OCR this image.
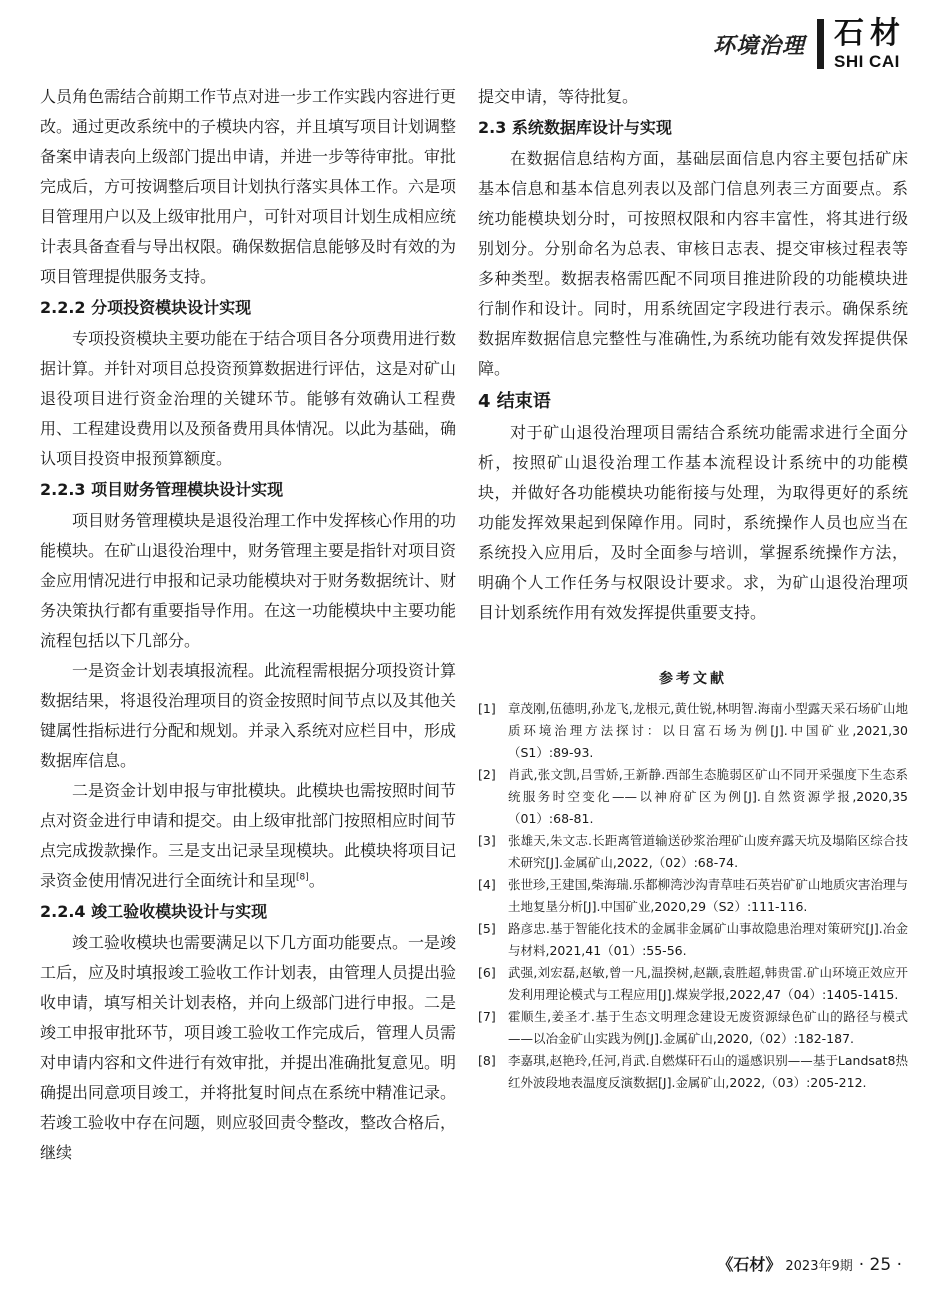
环境治理 石材
SHI CAI

人员角色需结合前期工作节点对进一步工作实践内容进行更改。通过更改系统中的子模块内容，并且填写项目计划调整备案申请表向上级部门提出申请，并进一步等待审批。审批完成后，方可按调整后项目计划执行落实具体工作。六是项目管理用户以及上级审批用户，可针对项目计划生成相应统计表具备查看与导出权限。确保数据信息能够及时有效的为项目管理提供服务支持。

2.2.2 分项投资模块设计实现

专项投资模块主要功能在于结合项目各分项费用进行数据计算。并针对项目总投资预算数据进行评估，这是对矿山退役项目进行资金治理的关键环节。能够有效确认工程费用、工程建设费用以及预备费用具体情况。以此为基础，确认项目投资申报预算额度。

2.2.3 项目财务管理模块设计实现

项目财务管理模块是退役治理工作中发挥核心作用的功能模块。在矿山退役治理中，财务管理主要是指针对项目资金应用情况进行申报和记录功能模块对于财务数据统计、财务决策执行都有重要指导作用。在这一功能模块中主要功能流程包括以下几部分。

一是资金计划表填报流程。此流程需根据分项投资计算数据结果，将退役治理项目的资金按照时间节点以及其他关键属性指标进行分配和规划。并录入系统对应栏目中，形成数据库信息。

二是资金计划申报与审批模块。此模块也需按照时间节点对资金进行申请和提交。由上级审批部门按照相应时间节点完成拨款操作。三是支出记录呈现模块。此模块将项目记录资金使用情况进行全面统计和呈现[8]。

2.2.4 竣工验收模块设计与实现

竣工验收模块也需要满足以下几方面功能要点。一是竣工后，应及时填报竣工验收工作计划表，由管理人员提出验收申请，填写相关计划表格，并向上级部门进行申报。二是竣工申报审批环节，项目竣工验收工作完成后，管理人员需对申请内容和文件进行有效审批，并提出准确批复意见。明确提出同意项目竣工，并将批复时间点在系统中精准记录。若竣工验收中存在问题，则应驳回责令整改，整改合格后，继续

提交申请，等待批复。

2.3 系统数据库设计与实现

在数据信息结构方面，基础层面信息内容主要包括矿床基本信息和基本信息列表以及部门信息列表三方面要点。系统功能模块划分时，可按照权限和内容丰富性，将其进行级别划分。分别命名为总表、审核日志表、提交审核过程表等多种类型。数据表格需匹配不同项目推进阶段的功能模块进行制作和设计。同时，用系统固定字段进行表示。确保系统数据库数据信息完整性与准确性,为系统功能有效发挥提供保障。

4 结束语

对于矿山退役治理项目需结合系统功能需求进行全面分析，按照矿山退役治理工作基本流程设计系统中的功能模块，并做好各功能模块功能衔接与处理，为取得更好的系统功能发挥效果起到保障作用。同时，系统操作人员也应当在系统投入应用后，及时全面参与培训，掌握系统操作方法，明确个人工作任务与权限设计要求。求，为矿山退役治理项目计划系统作用有效发挥提供重要支持。

参考文献
[1] 章茂刚,伍德明,孙龙飞,龙根元,黄仕锐,林明智.海南小型露天采石场矿山地质环境治理方法探讨：以日富石场为例[J].中国矿业,2021,30（S1）:89-93.
[2] 肖武,张文凯,吕雪娇,王新静.西部生态脆弱区矿山不同开采强度下生态系统服务时空变化——以神府矿区为例[J].自然资源学报,2020,35（01）:68-81.
[3] 张雄天,朱文志.长距离管道输送砂浆治理矿山废弃露天坑及塌陷区综合技术研究[J].金属矿山,2022,（02）:68-74.
[4] 张世珍,王建国,柴海瑞.乐都柳湾沙沟青草哇石英岩矿矿山地质灾害治理与土地复垦分析[J].中国矿业,2020,29（S2）:111-116.
[5] 路彦忠.基于智能化技术的金属非金属矿山事故隐患治理对策研究[J].冶金与材料,2021,41（01）:55-56.
[6] 武强,刘宏磊,赵敏,曾一凡,温揆树,赵颛,袁胜超,韩贵雷.矿山环境正效应开发利用理论模式与工程应用[J].煤炭学报,2022,47（04）:1405-1415.
[7] 霍顺生,姜圣才.基于生态文明理念建设无废资源绿色矿山的路径与模式——以冶金矿山实践为例[J].金属矿山,2020,（02）:182-187.
[8] 李嘉琪,赵艳玲,任河,肖武.自燃煤矸石山的遥感识别——基于Landsat8热红外波段地表温度反演数据[J].金属矿山,2022,（03）:205-212.
《石材》 2023年9期 · 25 ·
